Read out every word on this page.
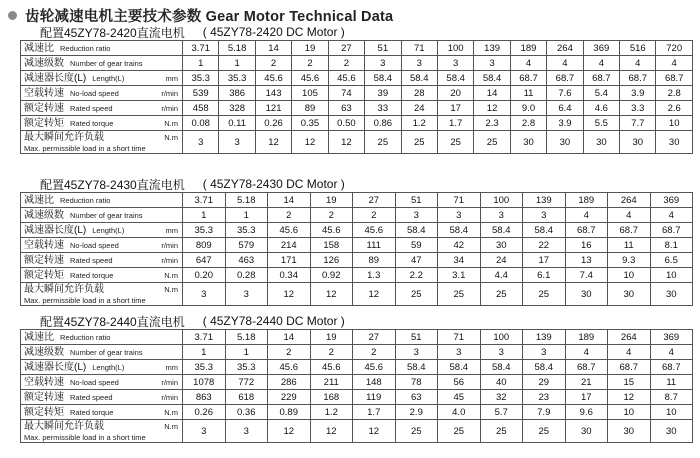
齿轮减速电机主要技术参数 Gear Motor Technical Data
配置45ZY78-2420直流电机 ( 45ZY78-2420 DC Motor )
减速比 Reduction ratio	3.71	5.18	14	19	27	51	71	100	139	189	264	369	516	720

减速级数 Number of gear trains	1	1	2	2	2	3	3	3	3	4	4	4	4	4

减速器长度(L) Length(L) mm	35.3	35.3	45.6	45.6	45.6	58.4	58.4	58.4	58.4	68.7	68.7	68.7	68.7	68.7

空载转速 No-load speed r/min	539	386	143	105	74	39	28	20	14	11	7.6	5.4	3.9	2.8

额定转速 Rated speed r/min	458	328	121	89	63	33	24	17	12	9.0	6.4	4.6	3.3	2.6

额定转矩 Rated torque N.m	0.08	0.11	0.26	0.35	0.50	0.86	1.2	1.7	2.3	2.8	3.9	5.5	7.7	10

最大瞬间允许负载 N.m
Max. permissible load in a short time	3	3	12	12	12	25	25	25	25	30	30	30	30	30
配置45ZY78-2430直流电机 ( 45ZY78-2430 DC Motor )
减速比 Reduction ratio	3.71	5.18	14	19	27	51	71	100	139	189	264	369

减速级数 Number of gear trains	1	1	2	2	2	3	3	3	3	4	4	4

减速器长度(L) Length(L) mm	35.3	35.3	45.6	45.6	45.6	58.4	58.4	58.4	58.4	68.7	68.7	68.7

空载转速 No-load speed r/min	809	579	214	158	111	59	42	30	22	16	11	8.1

额定转速 Rated speed r/min	647	463	171	126	89	47	34	24	17	13	9.3	6.5

额定转矩 Rated torque N.m	0.20	0.28	0.34	0.92	1.3	2.2	3.1	4.4	6.1	7.4	10	10

最大瞬间允许负载 N.m
Max. permissible load in a short time	3	3	12	12	12	25	25	25	25	30	30	30
配置45ZY78-2440直流电机 ( 45ZY78-2440 DC Motor )
减速比 Reduction ratio	3.71	5.18	14	19	27	51	71	100	139	189	264	369

减速级数 Number of gear trains	1	1	2	2	2	3	3	3	3	4	4	4

减速器长度(L) Length(L) mm	35.3	35.3	45.6	45.6	45.6	58.4	58.4	58.4	58.4	68.7	68.7	68.7

空载转速 No-load speed r/min	1078	772	286	211	148	78	56	40	29	21	15	11

额定转速 Rated speed r/min	863	618	229	168	119	63	45	32	23	17	12	8.7

额定转矩 Rated torque N.m	0.26	0.36	0.89	1.2	1.7	2.9	4.0	5.7	7.9	9.6	10	10

最大瞬间允许负载 N.m
Max. permissible load in a short time	3	3	12	12	12	25	25	25	25	30	30	30
